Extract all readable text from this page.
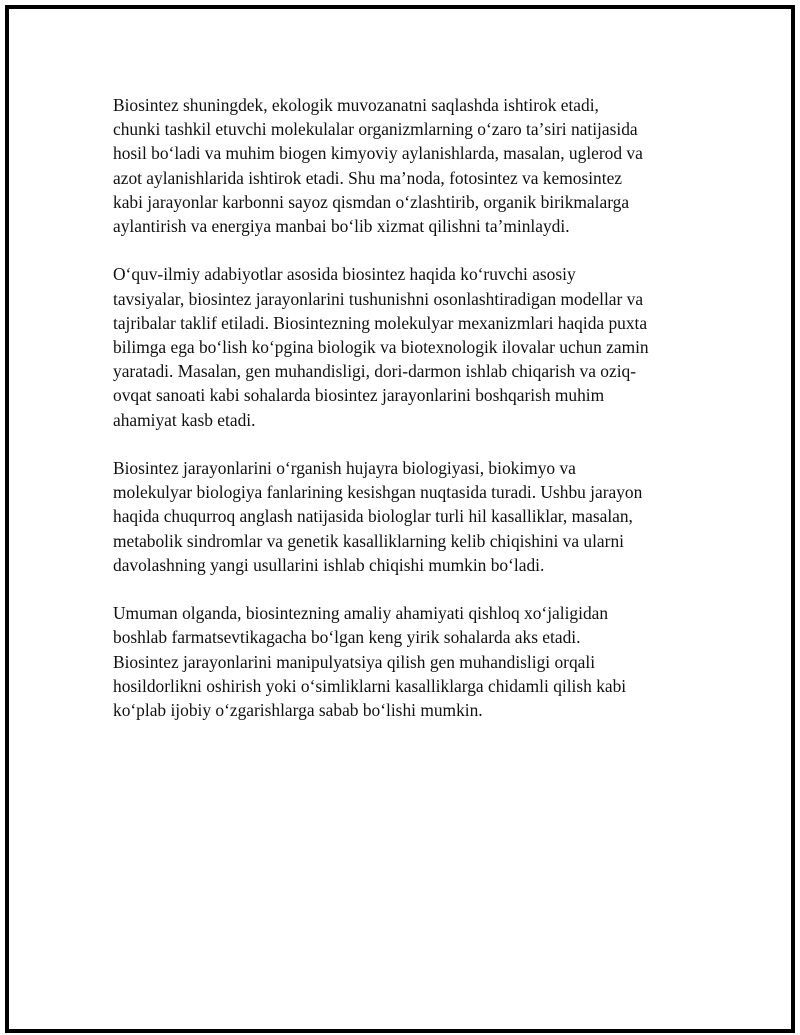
Biosintez shuningdek, ekologik muvozanatni saqlashda ishtirok etadi,
chunki tashkil etuvchi molekulalar organizmlarning oʻzaro taʼsiri natijasida
hosil boʻladi va muhim biogen kimyoviy aylanishlarda, masalan, uglerod va
azot aylanishlarida ishtirok etadi. Shu maʼnoda, fotosintez va kemosintez
kabi jarayonlar karbonni sayoz qismdan oʻzlashtirib, organik birikmalarga
aylantirish va energiya manbai boʻlib xizmat qilishni taʼminlaydi.

Oʻquv-ilmiy adabiyotlar asosida biosintez haqida koʻruvchi asosiy
tavsiyalar, biosintez jarayonlarini tushunishni osonlashtiradigan modellar va
tajribalar taklif etiladi. Biosintezning molekulyar mexanizmlari haqida puxta
bilimga ega boʻlish koʻpgina biologik va biotexnologik ilovalar uchun zamin
yaratadi. Masalan, gen muhandisligi, dori-darmon ishlab chiqarish va oziq-
ovqat sanoati kabi sohalarda biosintez jarayonlarini boshqarish muhim
ahamiyat kasb etadi.

Biosintez jarayonlarini oʻrganish hujayra biologiyasi, biokimyo va
molekulyar biologiya fanlarining kesishgan nuqtasida turadi. Ushbu jarayon
haqida chuqurroq anglash natijasida biologlar turli hil kasalliklar, masalan,
metabolik sindromlar va genetik kasalliklarning kelib chiqishini va ularni
davolashning yangi usullarini ishlab chiqishi mumkin boʻladi.

Umuman olganda, biosintezning amaliy ahamiyati qishloq xoʻjaligidan
boshlab farmatsevtikagacha boʻlgan keng yirik sohalarda aks etadi.
Biosintez jarayonlarini manipulyatsiya qilish gen muhandisligi orqali
hosildorlikni oshirish yoki oʻsimliklarni kasalliklarga chidamli qilish kabi
koʻplab ijobiy oʻzgarishlarga sabab boʻlishi mumkin.
